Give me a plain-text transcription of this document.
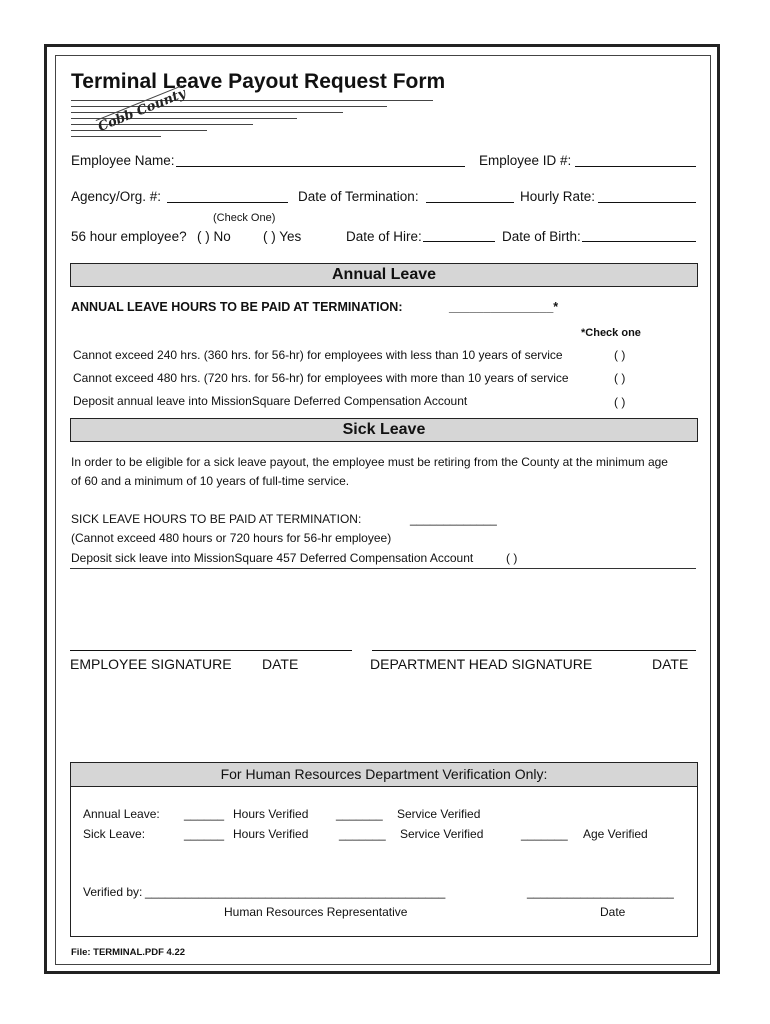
Terminal Leave Payout Request Form
Cobb County
Employee Name:	Employee ID #:
Agency/Org. #:	Date of Termination:	Hourly Rate:
(Check One)
56 hour employee? ( ) No ( ) Yes	Date of Hire:	Date of Birth:
Annual Leave
ANNUAL LEAVE HOURS TO BE PAID AT TERMINATION:	_______________*
*Check one
Cannot exceed 240 hrs. (360 hrs. for 56-hr) for employees with less than 10 years of service	( )
Cannot exceed 480 hrs. (720 hrs. for 56-hr) for employees with more than 10 years of service	( )
Deposit annual leave into MissionSquare Deferred Compensation Account	( )
Sick Leave
In order to be eligible for a sick leave payout, the employee must be retiring from the County at the minimum age
of 60 and a minimum of 10 years of full-time service.
SICK LEAVE HOURS TO BE PAID AT TERMINATION:	_____________
(Cannot exceed 480 hours or 720 hours for 56-hr employee)
Deposit sick leave into MissionSquare 457 Deferred Compensation Account	( )
EMPLOYEE SIGNATURE DATE	DEPARTMENT HEAD SIGNATURE	DATE
For Human Resources Department Verification Only:
Annual Leave: ______ Hours Verified _______ Service Verified
Sick Leave:	______ Hours Verified	_______ Service Verified	_______ Age Verified
Verified by: _____________________________________________	______________________
Human Resources Representative	Date
File: TERMINAL.PDF 4.22
